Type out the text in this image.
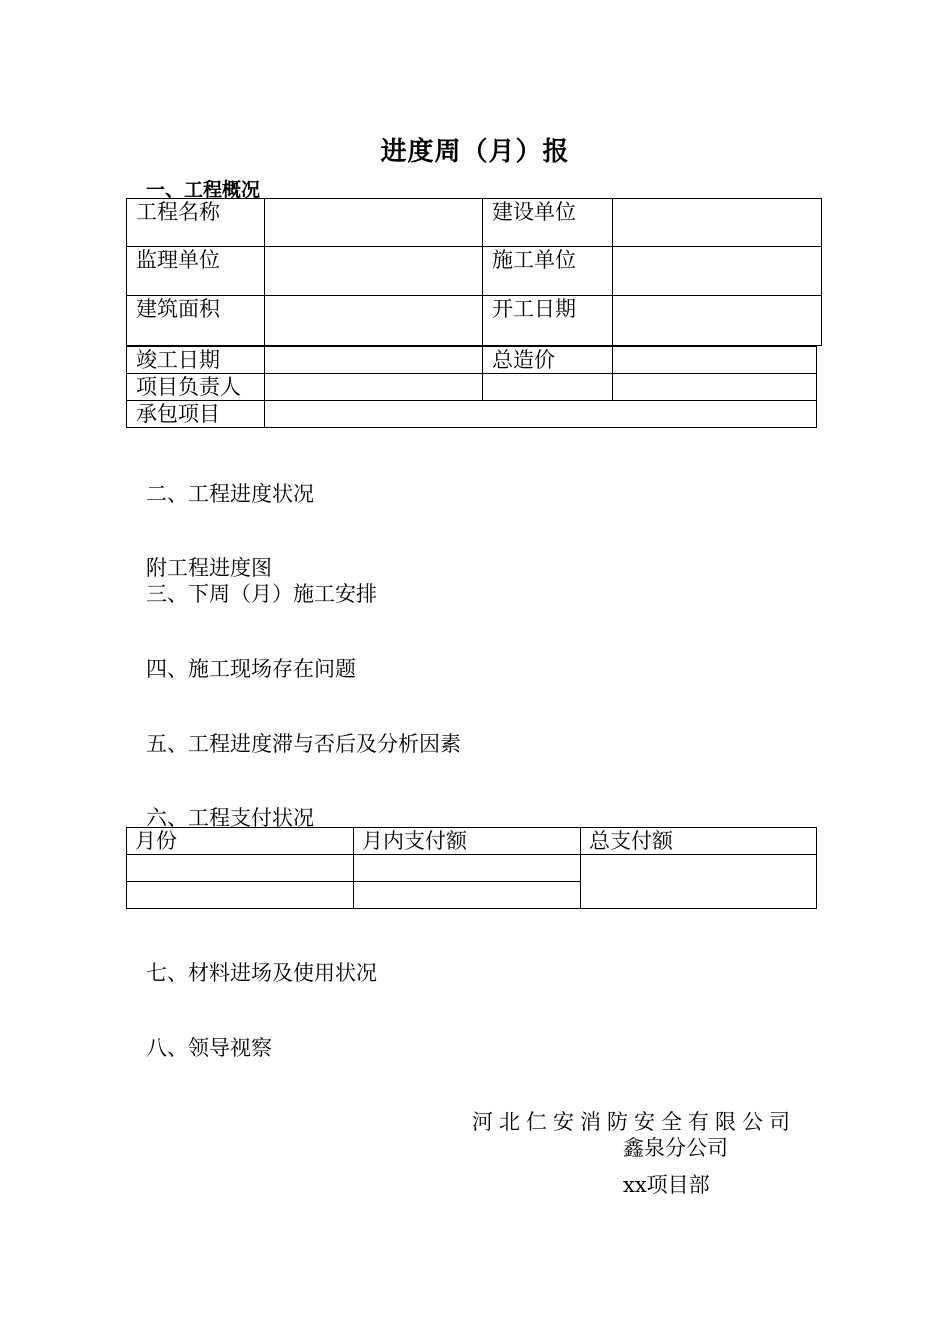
进度周（月）报
一、工程概况
工程名称		建设单位	
监理单位		施工单位	
建筑面积		开工日期	
竣工日期		总造价	
项目负责人			
承包项目			
二、工程进度状况
附工程进度图
三、下周（月）施工安排
四、施工现场存在问题
五、工程进度滞与否后及分析因素
六、工程支付状况
月份	月内支付额	总支付额

七、材料进场及使用状况
八、领导视察
河北仁安消防安全有限公司
鑫泉分公司
xx项目部
